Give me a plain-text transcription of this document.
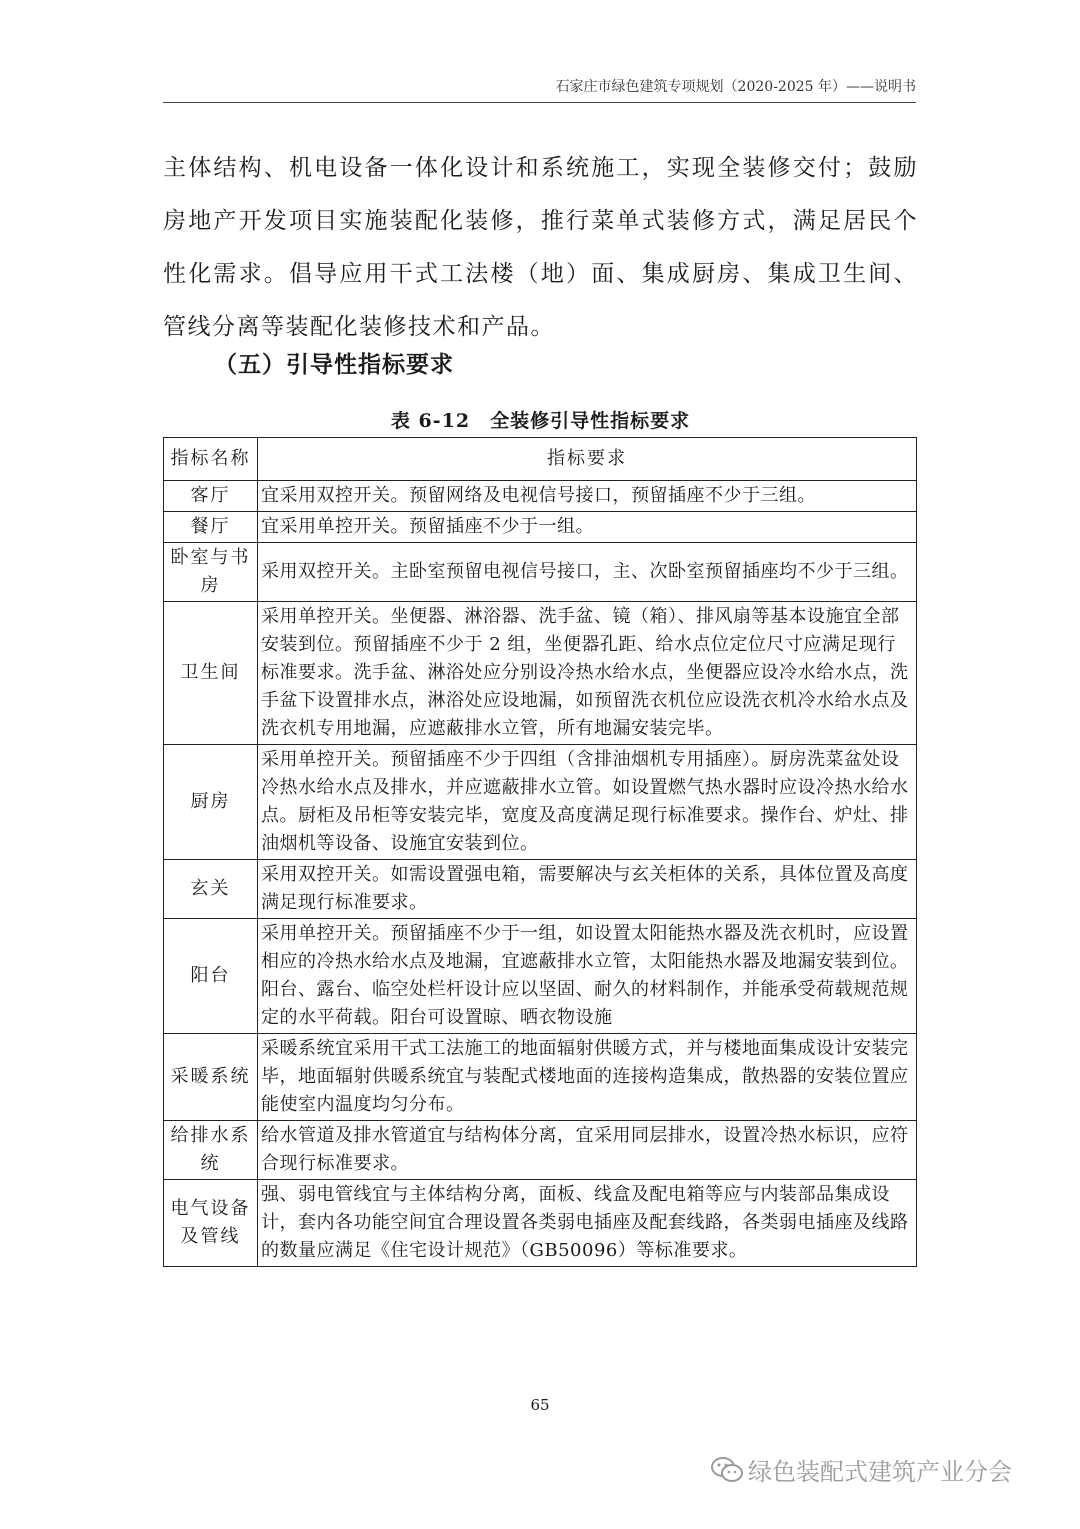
石家庄市绿色建筑专项规划（2020-2025 年）——说明书

主体结构、机电设备一体化设计和系统施工，实现全装修交付；鼓励房地产开发项目实施装配化装修，推行菜单式装修方式，满足居民个性化需求。倡导应用干式工法楼（地）面、集成厨房、集成卫生间、管线分离等装配化装修技术和产品。

（五）引导性指标要求
表 6-12　全装修引导性指标要求
指标名称	指标要求
客厅	宜采用双控开关。预留网络及电视信号接口，预留插座不少于三组。
餐厅	宜采用单控开关。预留插座不少于一组。
卧室与书房	采用双控开关。主卧室预留电视信号接口，主、次卧室预留插座均不少于三组。
卫生间	采用单控开关。坐便器、淋浴器、洗手盆、镜（箱）、排风扇等基本设施宜全部安装到位。预留插座不少于 2 组，坐便器孔距、给水点位定位尺寸应满足现行标准要求。洗手盆、淋浴处应分别设冷热水给水点，坐便器应设冷水给水点，洗手盆下设置排水点，淋浴处应设地漏，如预留洗衣机位应设洗衣机冷水给水点及洗衣机专用地漏，应遮蔽排水立管，所有地漏安装完毕。
厨房	采用单控开关。预留插座不少于四组（含排油烟机专用插座）。厨房洗菜盆处设冷热水给水点及排水，并应遮蔽排水立管。如设置燃气热水器时应设冷热水给水点。厨柜及吊柜等安装完毕，宽度及高度满足现行标准要求。操作台、炉灶、排油烟机等设备、设施宜安装到位。
玄关	采用双控开关。如需设置强电箱，需要解决与玄关柜体的关系，具体位置及高度满足现行标准要求。
阳台	采用单控开关。预留插座不少于一组，如设置太阳能热水器及洗衣机时，应设置相应的冷热水给水点及地漏，宜遮蔽排水立管，太阳能热水器及地漏安装到位。阳台、露台、临空处栏杆设计应以坚固、耐久的材料制作，并能承受荷载规范规定的水平荷载。阳台可设置晾、晒衣物设施
采暖系统	采暖系统宜采用干式工法施工的地面辐射供暖方式，并与楼地面集成设计安装完毕，地面辐射供暖系统宜与装配式楼地面的连接构造集成，散热器的安装位置应能使室内温度均匀分布。
给排水系统	给水管道及排水管道宜与结构体分离，宜采用同层排水，设置冷热水标识，应符合现行标准要求。
电气设备及管线	强、弱电管线宜与主体结构分离，面板、线盒及配电箱等应与内装部品集成设计，套内各功能空间宜合理设置各类弱电插座及配套线路，各类弱电插座及线路的数量应满足《住宅设计规范》（GB50096）等标准要求。
65
绿色装配式建筑产业分会
